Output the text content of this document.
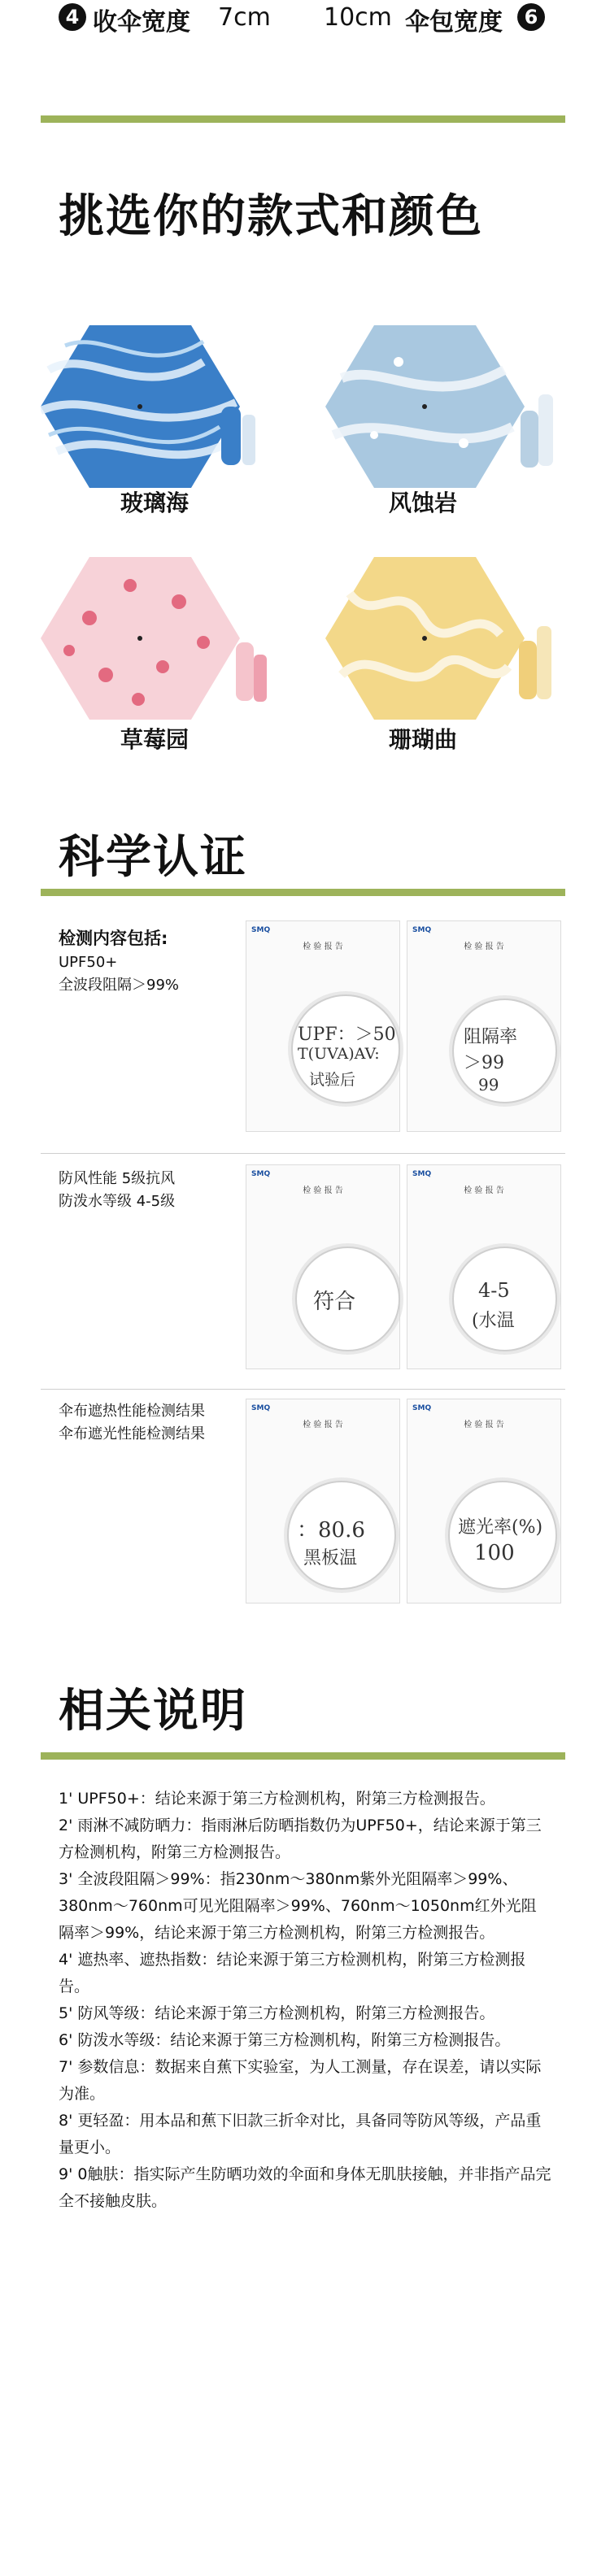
4 收伞宽度 7cm 10cm 伞包宽度	6
挑选你的款式和颜色
玻璃海	风蚀岩
草莓园	珊瑚曲
科学认证
检测内容包括:
UPF50+
全波段阻隔＞99%
SMQ
检 验 报 告
UPF：＞50
T(UVA)AV:
试验后
SMQ
检 验 报 告
阻隔率
＞99
99
防风性能 5级抗风
防泼水等级 4-5级
SMQ
检 验 报 告
符合
SMQ
检 验 报 告
4-5
(水温
伞布遮热性能检测结果
伞布遮光性能检测结果
SMQ
检 验 报 告
：80.6
黑板温
SMQ
检 验 报 告
遮光率(%)
100
相关说明

1' UPF50+：结论来源于第三方检测机构，附第三方检测报告。

2' 雨淋不减防晒力：指雨淋后防晒指数仍为UPF50+，结论来源于第三方检测机构，附第三方检测报告。

3' 全波段阻隔＞99%：指230nm～380nm紫外光阻隔率＞99%、380nm～760nm可见光阻隔率＞99%、760nm～1050nm红外光阻隔率＞99%，结论来源于第三方检测机构，附第三方检测报告。

4' 遮热率、遮热指数：结论来源于第三方检测机构，附第三方检测报告。

5' 防风等级：结论来源于第三方检测机构，附第三方检测报告。

6' 防泼水等级：结论来源于第三方检测机构，附第三方检测报告。

7' 参数信息：数据来自蕉下实验室，为人工测量，存在误差，请以实际为准。

8' 更轻盈：用本品和蕉下旧款三折伞对比，具备同等防风等级，产品重量更小。

9' 0触肤：指实际产生防晒功效的伞面和身体无肌肤接触，并非指产品完全不接触皮肤。
